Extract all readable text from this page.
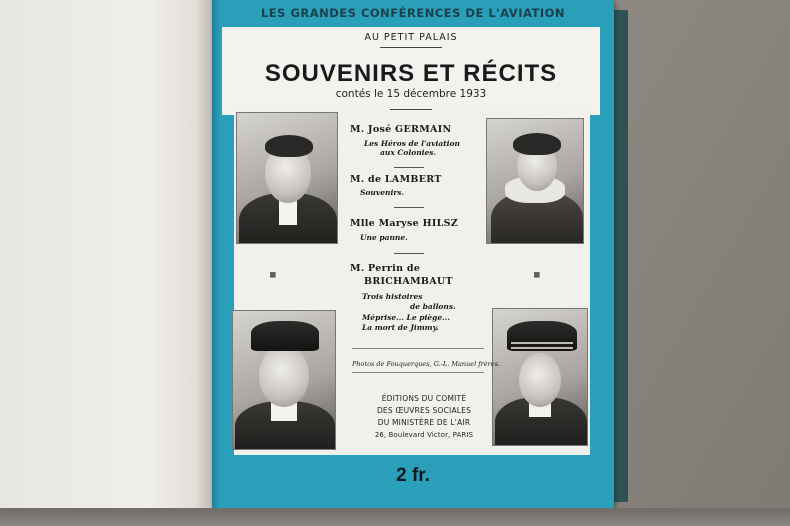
LES GRANDES CONFÉRENCES DE L'AVIATION
AU PETIT PALAIS
SOUVENIRS ET RÉCITS
contés le 15 décembre 1933
M. José GERMAIN
Les Héros de l'aviation
aux Colonies.
M. de LAMBERT
Souvenirs.
Mlle Maryse HILSZ
Une panne.
▦	▦
M. Perrin de
BRICHAMBAUT
Trois histoires
de ballons.
Méprise... Le piège...
La mort de Jimmy.
Photos de Fouquerques, G.-L. Manuel frères.
ÉDITIONS DU COMITÉ
DES ŒUVRES SOCIALES
DU MINISTÈRE DE L'AIR
26, Boulevard Victor, PARIS
2 fr.
